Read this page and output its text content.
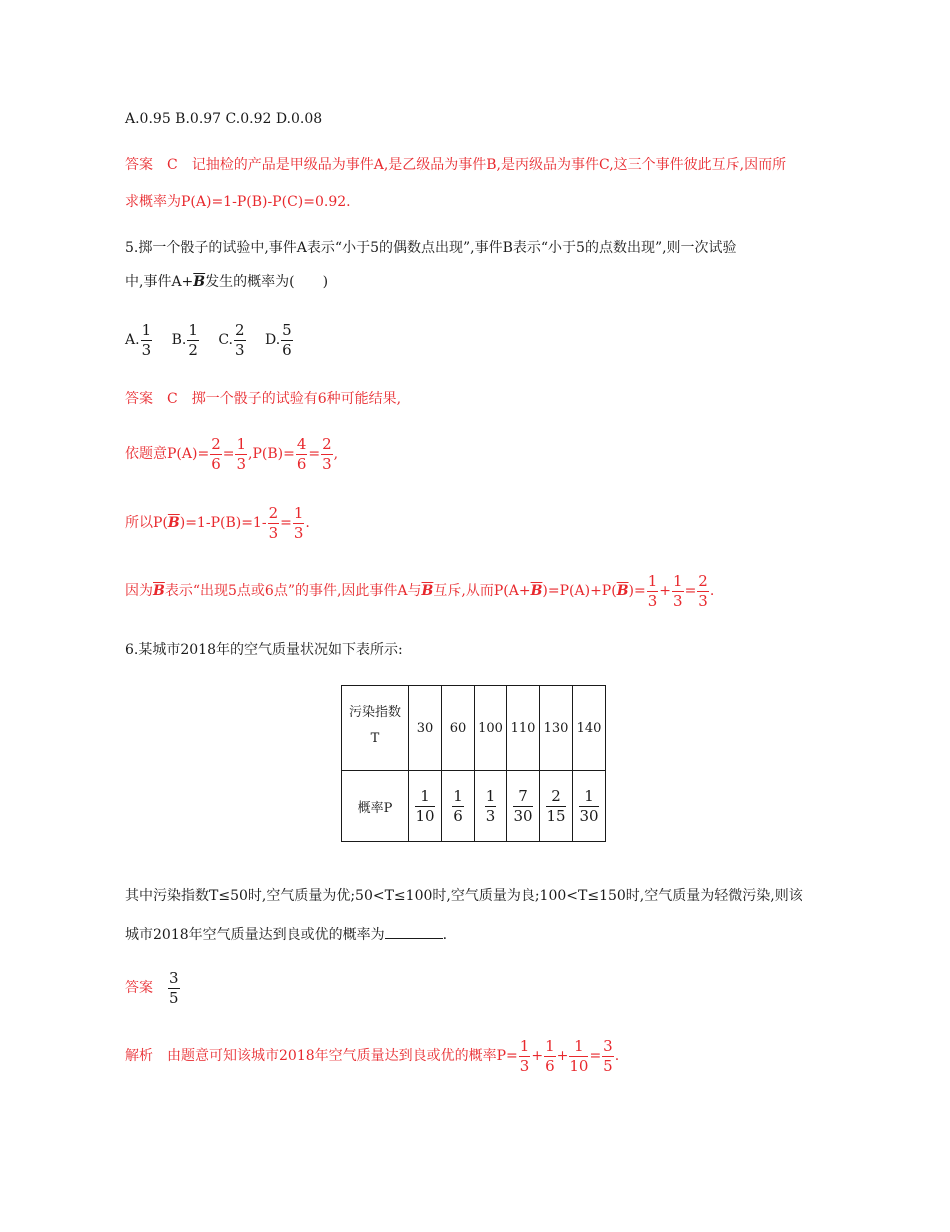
A.0.95 B.0.97 C.0.92 D.0.08
答案　C　记抽检的产品是甲级品为事件A,是乙级品为事件B,是丙级品为事件C,这三个事件彼此互斥,因而所
求概率为P(A)=1-P(B)-P(C)=0.92.
5.掷一个骰子的试验中,事件A表示“小于5的偶数点出现”,事件B表示“小于5的点数出现”,则一次试验
中,事件$A+\overline{B}$发生的概率为(　　)
A. $\frac{1}{3} B$. $\frac{1}{2} C$. $\frac{2}{3} D$. $\frac{5}{6}$
答案　C　掷一个骰子的试验有6种可能结果,
依题意$P(A)= \frac{2}{6} = \frac{1}{3} ,P(B)= \frac{4}{6} = \frac{2}{3}$ ,
所以$P(\overline{B})=1-P(B)=1- \frac{2}{3} = \frac{1}{3}$ .
因为$\overline{B}$表示“出现5点或6点”的事件,因此事件A与$\overline{B}$互斥,从而$P(A+\overline{B})=P(A)+P(\overline{B})= \frac{1}{3} + \frac{1}{3} = \frac{2}{3}$ .
6.某城市2018年的空气质量状况如下表所示:
污染指数
T	30	60	100	110	130	140
概率P	$\frac{1}{10}$	$\frac{1}{6}$	$\frac{1}{3}$	$\frac{7}{30}$	$\frac{2}{15}$	$\frac{1}{30}$
其中污染指数T≤50时,空气质量为优;50<T≤100时,空气质量为良;100<T≤150时,空气质量为轻微污染,则该
城市2018年空气质量达到良或优的概率为	.
答案 $\frac{3}{5}$
解析　由题意可知该城市2018年空气质量达到良或优的概率$P= \frac{1}{3} + \frac{1}{6} + \frac{1}{10} = \frac{3}{5}$ .
